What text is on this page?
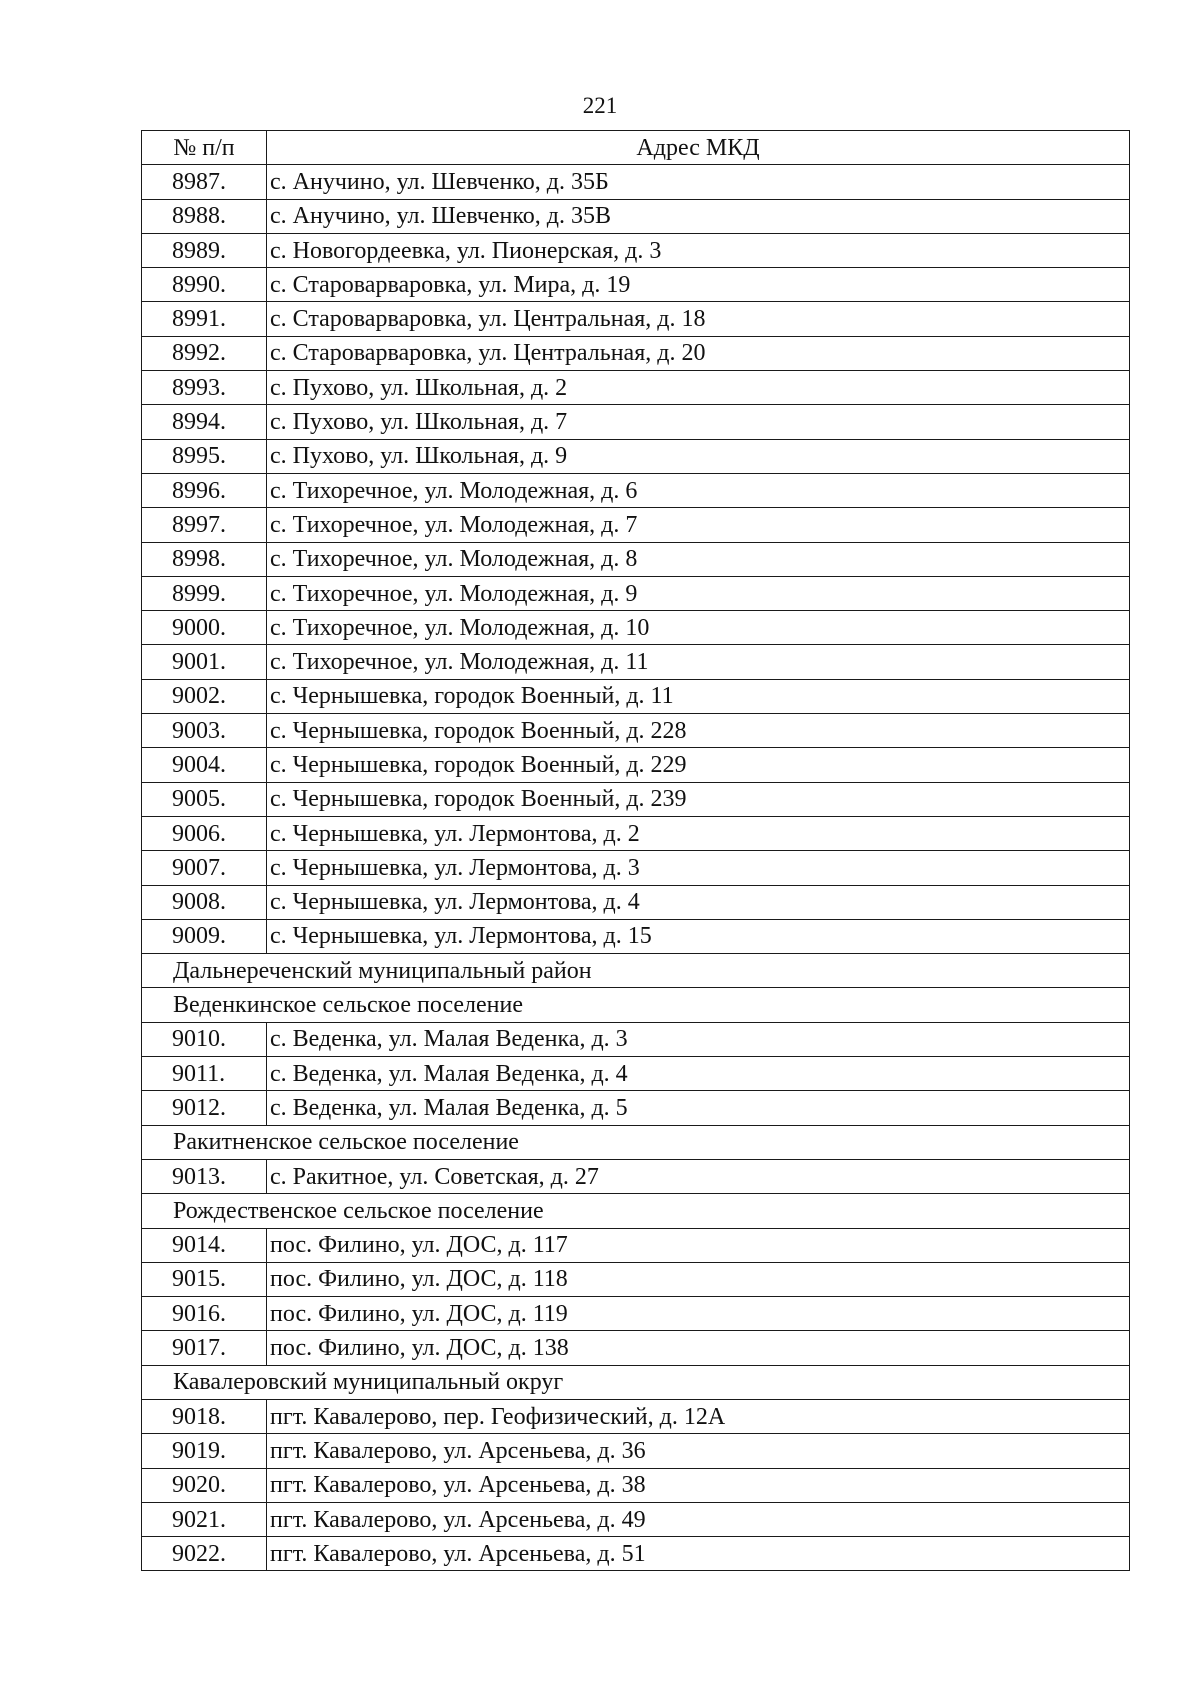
221
№ п/п	Адрес МКД
8987.	с. Анучино, ул. Шевченко, д. 35Б
8988.	с. Анучино, ул. Шевченко, д. 35В
8989.	с. Новогордеевка, ул. Пионерская, д. 3
8990.	с. Староварваровка, ул. Мира, д. 19
8991.	с. Староварваровка, ул. Центральная, д. 18
8992.	с. Староварваровка, ул. Центральная, д. 20
8993.	с. Пухово, ул. Школьная, д. 2
8994.	с. Пухово, ул. Школьная, д. 7
8995.	с. Пухово, ул. Школьная, д. 9
8996.	с. Тихоречное, ул. Молодежная, д. 6
8997.	с. Тихоречное, ул. Молодежная, д. 7
8998.	с. Тихоречное, ул. Молодежная, д. 8
8999.	с. Тихоречное, ул. Молодежная, д. 9
9000.	с. Тихоречное, ул. Молодежная, д. 10
9001.	с. Тихоречное, ул. Молодежная, д. 11
9002.	с. Чернышевка, городок Военный, д. 11
9003.	с. Чернышевка, городок Военный, д. 228
9004.	с. Чернышевка, городок Военный, д. 229
9005.	с. Чернышевка, городок Военный, д. 239
9006.	с. Чернышевка, ул. Лермонтова, д. 2
9007.	с. Чернышевка, ул. Лермонтова, д. 3
9008.	с. Чернышевка, ул. Лермонтова, д. 4
9009.	с. Чернышевка, ул. Лермонтова, д. 15
Дальнереченский муниципальный район	
Веденкинское сельское поселение	
9010.	с. Веденка, ул. Малая Веденка, д. 3
9011.	с. Веденка, ул. Малая Веденка, д. 4
9012.	с. Веденка, ул. Малая Веденка, д. 5
Ракитненское сельское поселение	
9013.	с. Ракитное, ул. Советская, д. 27
Рождественское сельское поселение	
9014.	пос. Филино, ул. ДОС, д. 117
9015.	пос. Филино, ул. ДОС, д. 118
9016.	пос. Филино, ул. ДОС, д. 119
9017.	пос. Филино, ул. ДОС, д. 138
Кавалеровский муниципальный округ	
9018.	пгт. Кавалерово, пер. Геофизический, д. 12А
9019.	пгт. Кавалерово, ул. Арсеньева, д. 36
9020.	пгт. Кавалерово, ул. Арсеньева, д. 38
9021.	пгт. Кавалерово, ул. Арсеньева, д. 49
9022.	пгт. Кавалерово, ул. Арсеньева, д. 51
